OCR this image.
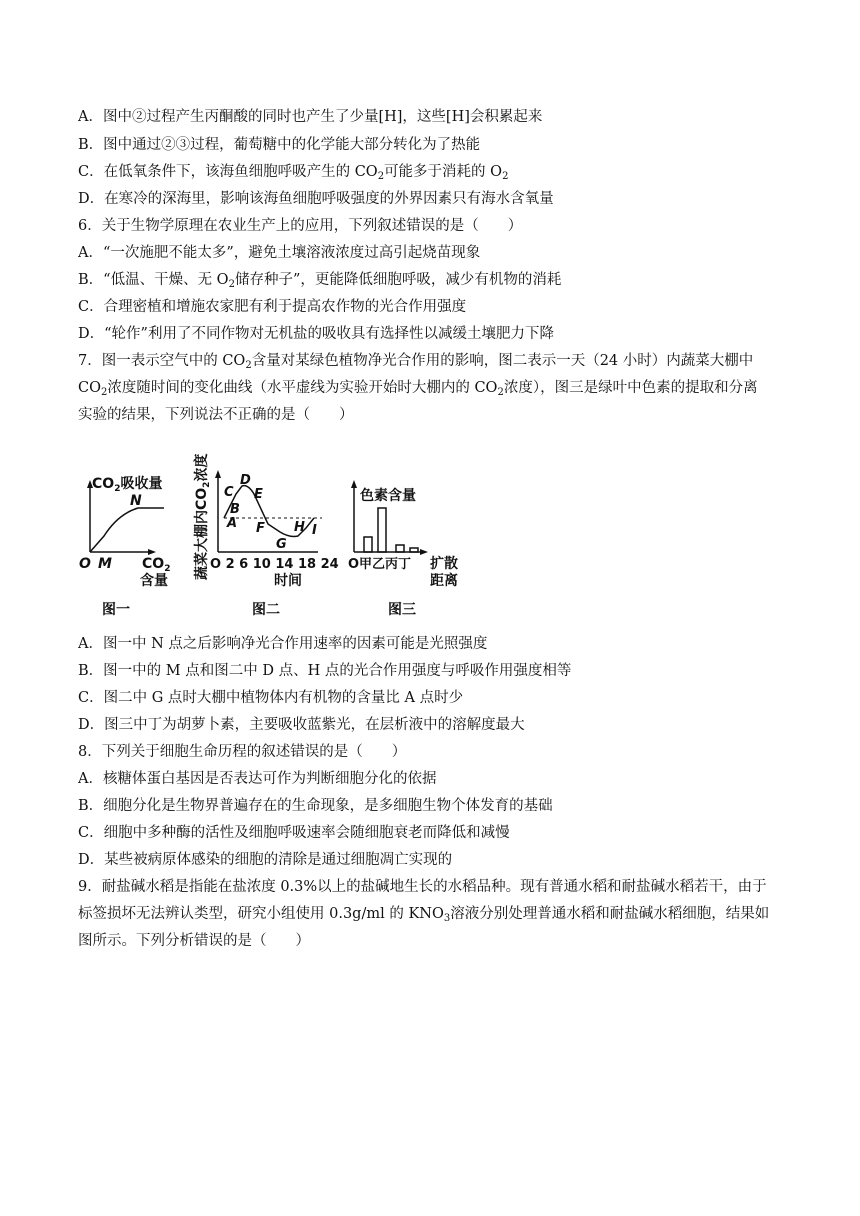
A．图中②过程产生丙酮酸的同时也产生了少量[H]，这些[H]会积累起来
B．图中通过②③过程，葡萄糖中的化学能大部分转化为了热能
C．在低氧条件下，该海鱼细胞呼吸产生的 $CO_2$可能多于消耗的 $O_2$
D．在寒冷的深海里，影响该海鱼细胞呼吸强度的外界因素只有海水含氧量
6．关于生物学原理在农业生产上的应用，下列叙述错误的是（　　）
A．“一次施肥不能太多”，避免土壤溶液浓度过高引起烧苗现象
B．“低温、干燥、无 $O_2$储存种子”，更能降低细胞呼吸，减少有机物的消耗
C．合理密植和增施农家肥有利于提高农作物的光合作用强度
D．“轮作”利用了不同作物对无机盐的吸收具有选择性以减缓土壤肥力下降
7．图一表示空气中的 $CO_2$含量对某绿色植物净光合作用的影响，图二表示一天（24 小时）内蔬菜大棚中
$CO_2$浓度随时间的变化曲线（水平虚线为实验开始时大棚内的 $CO_2$浓度），图三是绿叶中色素的提取和分离
实验的结果，下列说法不正确的是（　　）
$CO_2$吸收量
N
O M $CO_2$
含量
图一
蔬菜大棚内$CO_2$浓度
A
B
C
D
E
F
G
H I
O 2 6 10 14 18 24
时间
图二
色素含量
O甲乙丙丁 扩散
距离
图三
A．图一中 N 点之后影响净光合作用速率的因素可能是光照强度
B．图一中的 M 点和图二中 D 点、H 点的光合作用强度与呼吸作用强度相等
C．图二中 G 点时大棚中植物体内有机物的含量比 A 点时少
D．图三中丁为胡萝卜素，主要吸收蓝紫光，在层析液中的溶解度最大
8．下列关于细胞生命历程的叙述错误的是（　　）
A．核糖体蛋白基因是否表达可作为判断细胞分化的依据
B．细胞分化是生物界普遍存在的生命现象，是多细胞生物个体发育的基础
C．细胞中多种酶的活性及细胞呼吸速率会随细胞衰老而降低和减慢
D．某些被病原体感染的细胞的清除是通过细胞凋亡实现的
9．耐盐碱水稻是指能在盐浓度 0.3%以上的盐碱地生长的水稻品种。现有普通水稻和耐盐碱水稻若干，由于
标签损坏无法辨认类型，研究小组使用 0.3g/ml 的 $KNO_3$溶液分别处理普通水稻和耐盐碱水稻细胞，结果如
图所示。下列分析错误的是（　　）
